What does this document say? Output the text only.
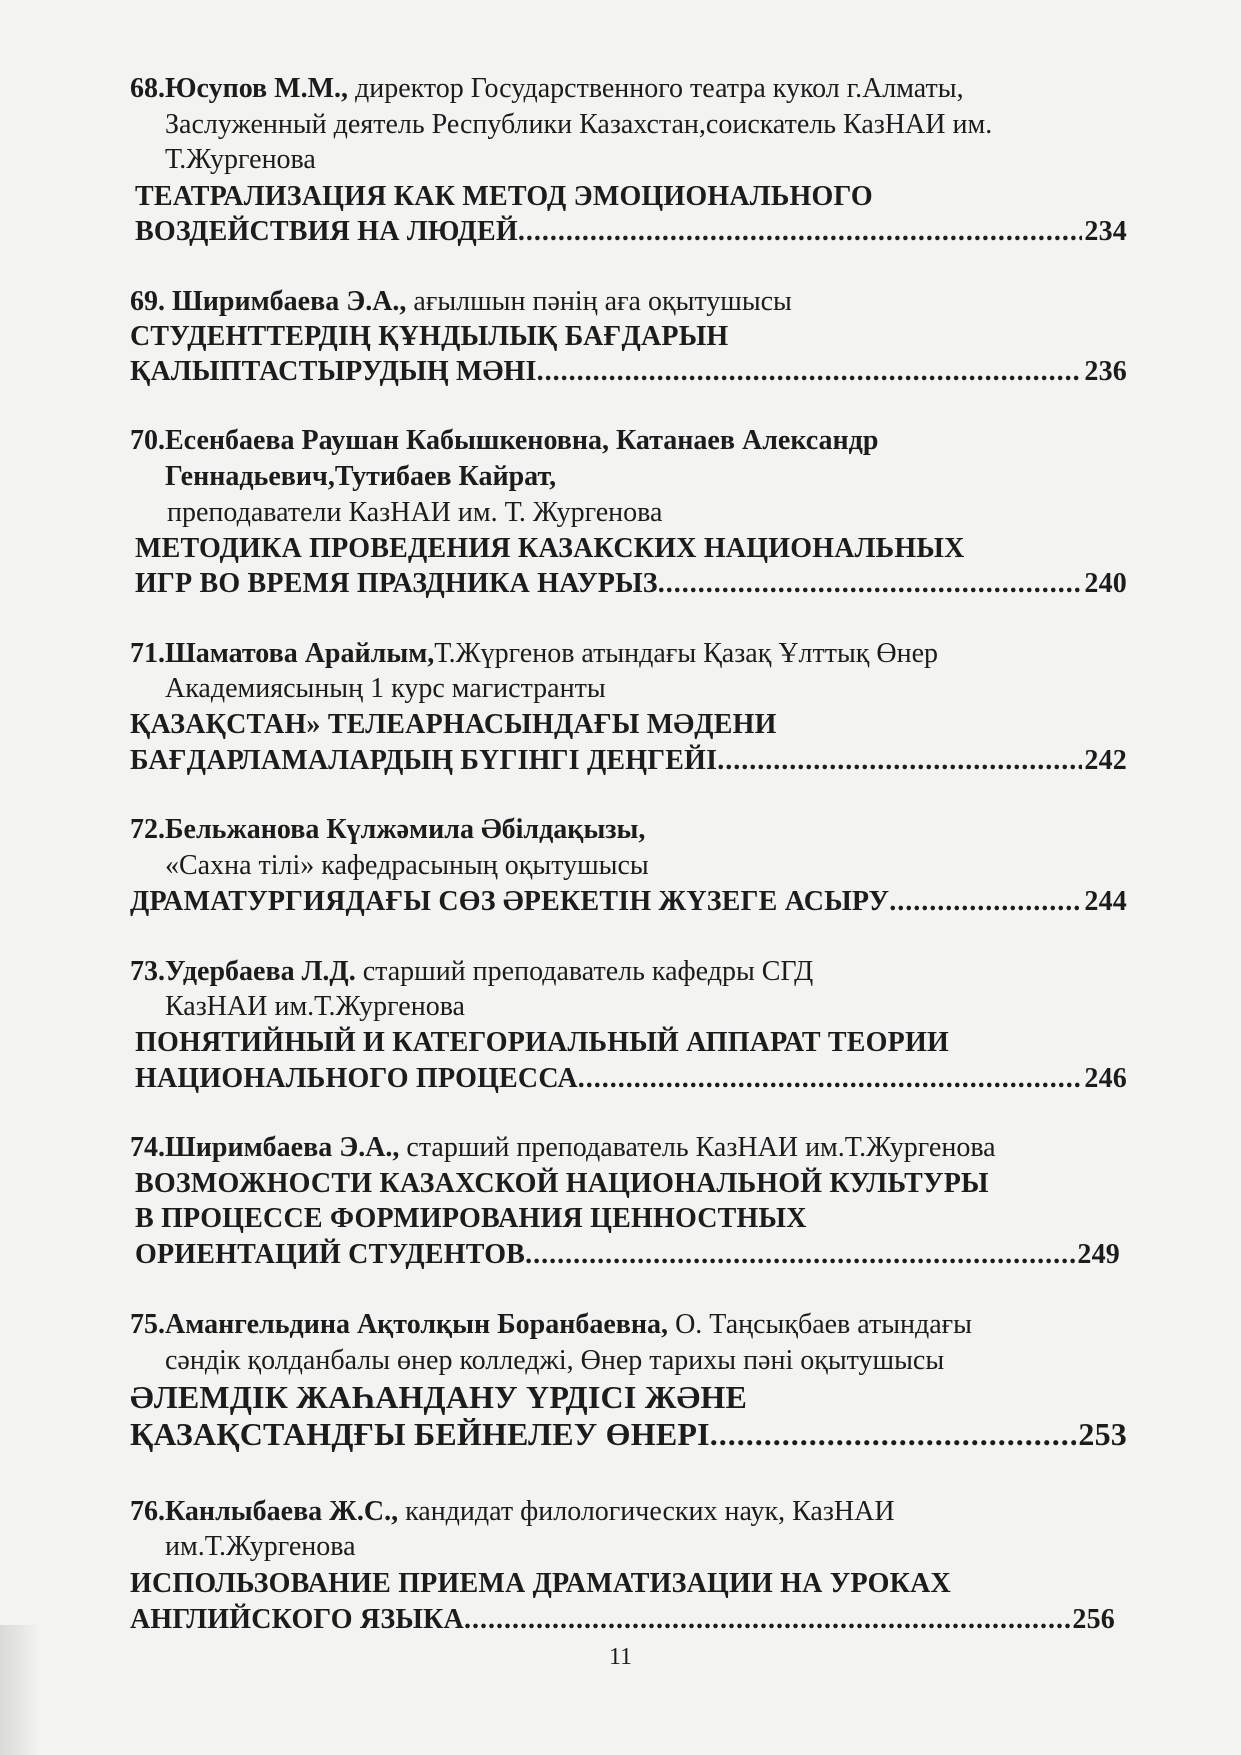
68.Юсупов М.М., директор Государственного театра кукол г.Алматы,
Заслуженный деятель Республики Казахстан,соискатель КазНАИ им.
Т.Жургенова
ТЕАТРАЛИЗАЦИЯ КАК МЕТОД ЭМОЦИОНАЛЬНОГО
ВОЗДЕЙСТВИЯ НА ЛЮДЕЙ .....	234
69. Ширимбаева Э.А., ағылшын пәнің аға оқытушысы
СТУДЕНТТЕРДІҢ ҚҰНДЫЛЫҚ БАҒДАРЫН
ҚАЛЫПТАСТЫРУДЫҢ МӘНІ .....	236
70.Есенбаева Раушан Кабышкеновна, Катанаев Александр
Геннадьевич,Тутибаев Кайрат,
преподаватели КазНАИ им. Т. Жургенова
МЕТОДИКА ПРОВЕДЕНИЯ КАЗАКСКИХ НАЦИОНАЛЬНЫХ
ИГР ВО ВРЕМЯ ПРАЗДНИКА НАУРЫЗ .....	240
71.Шаматова Арайлым,Т.Жүргенов атындағы Қазақ Ұлттық Өнер
Академиясының 1 курс магистранты
ҚАЗАҚСТАН» ТЕЛЕАРНАСЫНДАҒЫ МӘДЕНИ
БАҒДАРЛАМАЛАРДЫҢ БҮГІНГІ ДЕҢГЕЙІ .....	242
72.Бельжанова Күлжәмила Әбілдақызы,
«Сахна тілі» кафедрасының оқытушысы
ДРАМАТУРГИЯДАҒЫ СӨЗ ӘРЕКЕТІН ЖҮЗЕГЕ АСЫРУ .....	244
73.Удербаева Л.Д. старший преподаватель кафедры СГД
КазНАИ им.Т.Жургенова
ПОНЯТИЙНЫЙ И КАТЕГОРИАЛЬНЫЙ АППАРАТ ТЕОРИИ
НАЦИОНАЛЬНОГО ПРОЦЕССА .....	246
74.Ширимбаева Э.А., старший преподаватель КазНАИ им.Т.Жургенова
ВОЗМОЖНОСТИ КАЗАХСКОЙ НАЦИОНАЛЬНОЙ КУЛЬТУРЫ
В ПРОЦЕССЕ ФОРМИРОВАНИЯ ЦЕННОСТНЫХ
ОРИЕНТАЦИЙ СТУДЕНТОВ .....	249
75.Амангельдина Ақтолқын Боранбаевна, О. Таңсықбаев атындағы
сәндік қолданбалы өнер колледжі, Өнер тарихы пәні оқытушысы
ӘЛЕМДІК ЖАҺАНДАНУ ҮРДІСІ ЖӘНЕ
ҚАЗАҚСТАНДҒЫ БЕЙНЕЛЕУ ӨНЕРІ .....	253
76.Канлыбаева Ж.С., кандидат филологических наук, КазНАИ
им.Т.Жургенова
ИСПОЛЬЗОВАНИЕ ПРИЕМА ДРАМАТИЗАЦИИ НА УРОКАХ
АНГЛИЙСКОГО ЯЗЫКА .....	256
11
